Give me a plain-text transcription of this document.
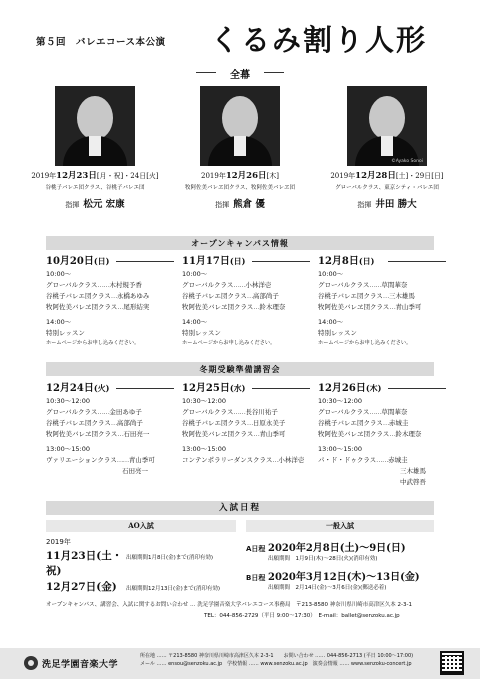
第５回　バレエコース本公演 くるみ割り人形
全幕
2019年12月23日[月・祝]・24日[火]
谷桃子バレエ団クラス、谷桃子バレエ団
指揮 松元 宏康
2019年12月26日[木]
牧阿佐美バレヱ団クラス、牧阿佐美バレヱ団
指揮 熊倉 優
©Ayako Sonoi
2019年12月28日[土]・29日[日]
グローバルクラス、東京シティ・バレエ団
指揮 井田 勝大
オープンキャンパス情報
10月20日(日)
10:00～
グローバルクラス …… 木村規予香
谷桃子バレエ団クラス … 永橋あゆみ
牧阿佐美バレヱ団クラス … 尾形結実
14:00～
特別レッスン
ホームページからお申し込みください。
11月17日(日)
10:00～
グローバルクラス …… 小林洋壱
谷桃子バレエ団クラス … 高部尚子
牧阿佐美バレヱ団クラス … 鈴木理奈
14:00～
特別レッスン
ホームページからお申し込みください。
12月8日(日)
10:00～
グローバルクラス …… 草間華奈
谷桃子バレエ団クラス … 三木雄馬
牧阿佐美バレヱ団クラス … 青山季可
14:00～
特別レッスン
ホームページからお申し込みください。
冬期受験準備講習会
12月24日(火)
10:30～12:00
グローバルクラス …… 金田あゆ子
谷桃子バレエ団クラス … 高部尚子
牧阿佐美バレヱ団クラス … 石田亮一
13:00～15:00
ヴァリエーションクラス …… 青山季可
石田亮一
12月25日(水)
10:30～12:00
グローバルクラス …… 長谷川祐子
谷桃子バレエ団クラス … 日原永美子
牧阿佐美バレヱ団クラス … 青山季可
13:00～15:00
コンテンポラリーダンスクラス … 小林洋壱
12月26日(木)
10:30～12:00
グローバルクラス …… 草間華奈
谷桃子バレエ団クラス … 赤城圭
牧阿佐美バレヱ団クラス … 鈴木理奈
13:00～15:00
パ・ド・ドゥクラス …… 赤城圭
三木雄馬
中武啓吾
入試日程
AO入試	一般入試
2019年
11月23日(土・祝)
出願期間1月8日(金)まで(消印有効)
12月27日(金)	出願期間12月13日(金)まで(消印有効)
A日程 2020年2月8日(土)～9日(日)
出願期間　1月9日(木)～28日(火)(消印有効)
B日程 2020年3月12日(木)～13日(金)
出願期間　2月14日(金)～3月6日(金)(郵送必着)
オープンキャンパス、講習会、入試に関するお問い合わせ … 洗足学園音楽大学バレエコース事務局　〒213-8580 神奈川県川崎市高津区久本 2-3-1
TEL：044-856-2729（平日 9:00～17:30）　E-mail：ballet@senzoku.ac.jp
洗足学園音楽大学
所在地 …… 〒213-8580 神奈川県川崎市高津区久本 2-3-1　　お問い合わせ …… 044-856-2713 (平日 10:00～17:00)
メール …… ensou@senzoku.ac.jp　学校情報 …… www.senzoku.ac.jp　演奏会情報 …… www.senzoku-concert.jp
